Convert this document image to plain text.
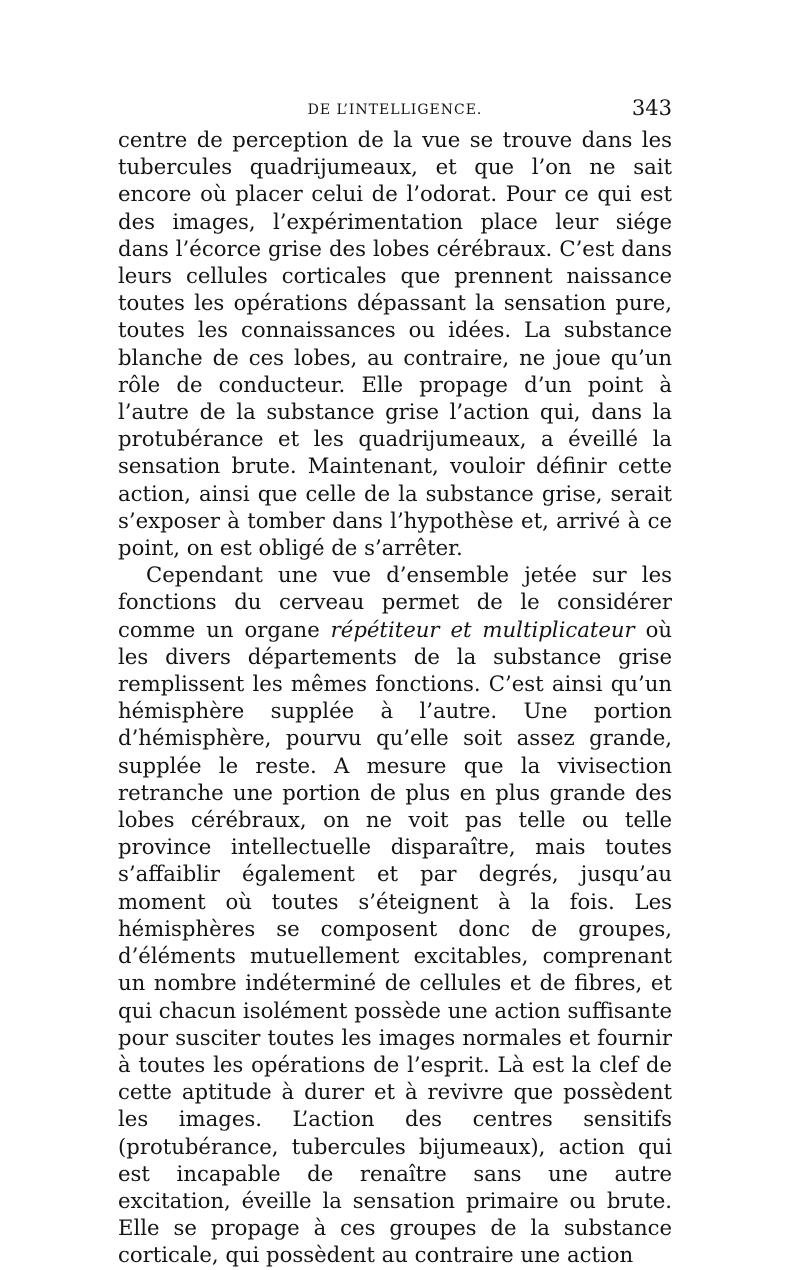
DE L’INTELLIGENCE.	343

centre de perception de la vue se trouve dans les tubercules quadrijumeaux, et que l’on ne sait encore où placer celui de l’odorat. Pour ce qui est des images, l’expérimentation place leur siége dans l’écorce grise des lobes cérébraux. C’est dans leurs cellules corticales que prennent naissance toutes les opérations dépassant la sensation pure, toutes les connaissances ou idées. La substance blanche de ces lobes, au contraire, ne joue qu’un rôle de conducteur. Elle propage d’un point à l’autre de la substance grise l’action qui, dans la protubérance et les quadrijumeaux, a éveillé la sensation brute. Maintenant, vouloir définir cette action, ainsi que celle de la substance grise, serait s’exposer à tomber dans l’hypothèse et, arrivé à ce point, on est obligé de s’arrêter.

Cependant une vue d’ensemble jetée sur les fonctions du cerveau permet de le considérer comme un organe répétiteur et multiplicateur où les divers départements de la substance grise remplissent les mêmes fonctions. C’est ainsi qu’un hémisphère supplée à l’autre. Une portion d’hémisphère, pourvu qu’elle soit assez grande, supplée le reste. A mesure que la vivisection retranche une portion de plus en plus grande des lobes cérébraux, on ne voit pas telle ou telle province intellectuelle disparaître, mais toutes s’affaiblir également et par degrés, jusqu’au moment où toutes s’éteignent à la fois. Les hémisphères se composent donc de groupes, d’éléments mutuellement excitables, comprenant un nombre indéterminé de cellules et de fibres, et qui chacun isolément possède une action suffisante pour susciter toutes les images normales et fournir à toutes les opérations de l’esprit. Là est la clef de cette aptitude à durer et à revivre que possèdent les images. L’action des centres sensitifs (protubérance, tubercules bijumeaux), action qui est incapable de renaître sans une autre excitation, éveille la sensation primaire ou brute. Elle se propage à ces groupes de la substance corticale, qui possèdent au contraire une action
